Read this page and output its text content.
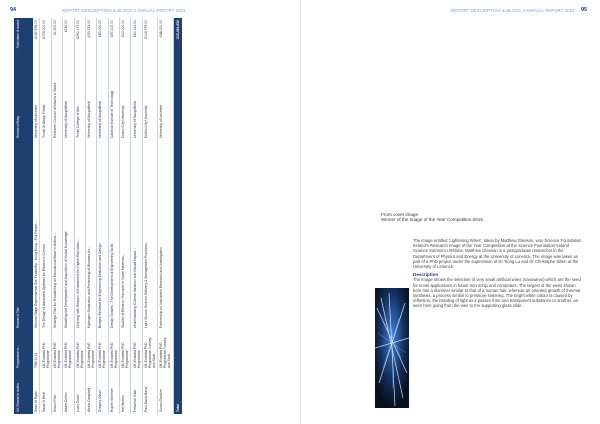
94	REPORT DESCRIPTION & BLOCK 2 ANNUAL REPORT 2015
UK Research Unifier	Programme or...	Research Title	Research Body	Total value of award
Sean W Ryan	TSB 2013	Second Stage Experimental Site Feasibility - Hong Kong - Full Report ...	University of Leicester	£197,978.00
Sarah A Reid	UK Enabled PhD Programme	The Design of Advanced Systems for Electronic Control	Trinity St Bargh Fields	£778,000.00
Simon Pike	UK Enabled PhD Programme	Strategic Plan for Establishing an Educational Base in Oxford...	Research Council of Ireland & Wales	£1,500.00
Adam Cohen	UK Enabled PhD Programme	Modelling the Development and Acquisition of Social Knowledge	University of Naughtfield	£190.00
Lucie Dolan	UK Enabled PhD Programme	Learning with Reason: A Framework for Higher Education...	Trinity College of Arts	£250,177.00
Alexis Campbell	UK Enabled PhD Programme	Hydrogen Separation and Processing of Biomass for...	University of Naughtfield	£33,725.00
Gregory Oliver	UK Enabled PhD Programme	Bridges Retrieval for Engineering Evaluation and Design	University of Naughtfield	£80,000.00
Rupert Wheeler	UK Enabled PhD Programme	Design Studies - The Development of Engineering Skills	Cardinal Institute of Technology	£57,100.00
Neil Barron	UK Enabled PhD Programme	Studies of Electron Transport in Novel Materials...	Dublin City University	£20,000.00
Frederick Gale	UK Enabled PhD Programme	Understanding Cultural Variation and Global Impact...	University of Naughtfield	£60,131.00
Paul Davis Barry	UK Enabled PhD Programme / Lesley and Scott	Light Source Science Delivery & Management Practices...	Dublin City University	£104,779.00
Susan Gardner	UK Enabled PhD Programme / Lesley and Scott	Partnership on Instrument Research and Investigation	University of Leicester	£48,000.00
Total				£15,451,632
REPORT DESCRIPTION & BLOCK 2 ANNUAL REPORT 2015 95
Front cover image
Winner of the Image of the Year Competition 2015.

The image entitled 'Lightening Wires', taken by Matthew Gleeson, won Science Foundation Ireland's Research Image of the Year Competition at the Science Foundation Ireland Science Summit in Athlone. Matthew Gleeson is a postgraduate researcher in the Department of Physics and Energy at the University of Limerick. The image was taken as part of a PhD project under the supervision of Dr Tiong Lu and Dr Christophe Silien at the University of Limerick.

Description

The image shows the selection of very small artificial wires (nanowires) which are the seed for novel applications in future microchip and computers. The largest of the wires shown here has a diameter similar to that of a human hair, whereas an oriented growth of thermal synthesis, a process similar to pressure-sintering. The bright white colour is caused by reflection, the bending of light as it passes from one transparent substance to another, as seen here going from the wire to the supporting glass slide.
